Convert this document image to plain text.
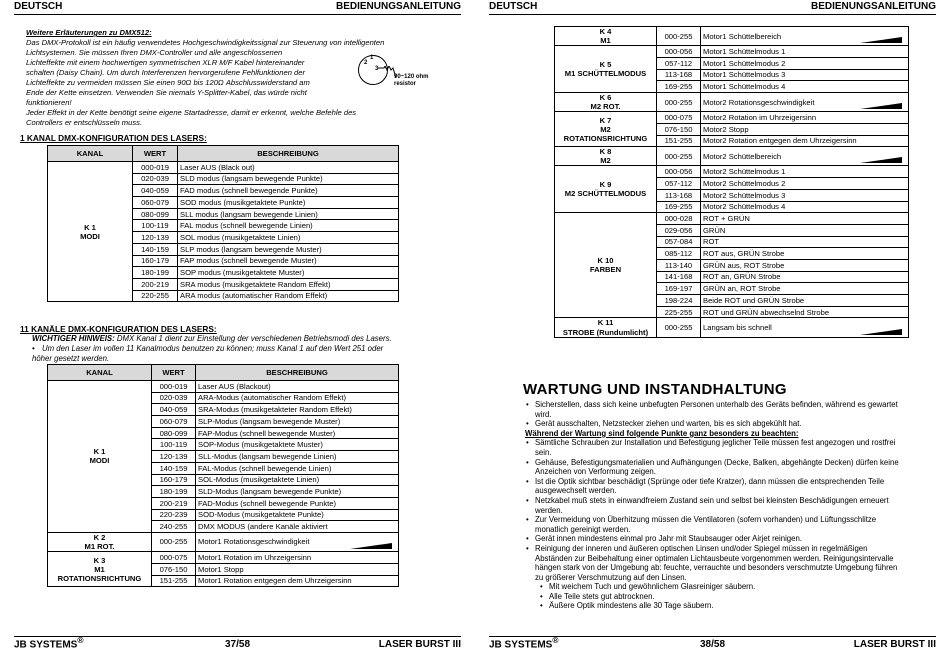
DEUTSCH	BEDIENUNGSANLEITUNG
Weitere Erläuterungen zu DMX512:
Das DMX-Protokoll ist ein häufig verwendetes Hochgeschwindigkeitssignal zur Steuerung von intelligenten
Lichtsystemen. Sie müssen Ihren DMX-Controller und alle angeschlossenen
Lichteffekte mit einem hochwertigen symmetrischen XLR M/F Kabel hintereinander
schalten (Daisy Chain). Um durch Interferenzen hervorgerufene Fehlfunktionen der
Lichteffekte zu vermeiden müssen Sie einen 90Ω bis 120Ω Abschlusswiderstand am
Ende der Kette einsetzen. Verwenden Sie niemals Y-Splitter-Kabel, das würde nicht
funktionieren!
Jeder Effekt in der Kette benötigt seine eigene Startadresse, damit er erkennt, welche Befehle des
Controllers er entschlüsseln muss.
2
1
3
90~120 ohm
resistor
1 KANAL DMX-KONFIGURATION DES LASERS:
KANAL	WERT	BESCHREIBUNG

K 1
MODI	000-019	Laser AUS (Black out)
	020-039	SLD modus (langsam bewegende Punkte)
	040-059	FAD modus (schnell bewegende Punkte)
	060-079	SOD modus (musikgetaktete Punkte)
	080-099	SLL modus (langsam bewegende Linien)
	100-119	FAL modus (schnell bewegende Linien)
	120-139	SOL modus (musikgetaktete Linien)
	140-159	SLP modus (langsam bewegende Muster)
	160-179	FAP modus (schnell bewegende Muster)
	180-199	SOP modus (musikgetaktete Muster)
	200-219	SRA modus (musikgetaktete Random Effekt)
	220-255	ARA modus (automatischer Random Effekt)
11 KANÄLE DMX-KONFIGURATION DES LASERS:
WICHTIGER HINWEIS: DMX Kanal 1 dient zur Einstellung der verschiedenen Betriebsmodi des Lasers.
• Um den Laser im vollen 11 Kanalmodus benutzen zu können; muss Kanal 1 auf den Wert 251 oder
höher gesetzt werden.
KANAL	WERT	BESCHREIBUNG

K 1
MODI	000-019	Laser AUS (Blackout)
	020-039	ARA-Modus (automatischer Random Effekt)
	040-059	SRA-Modus (musikgetakteter Random Effekt)
	060-079	SLP-Modus (langsam bewegende Muster)
	080-099	FAP-Modus (schnell bewegende Muster)
	100-119	SOP-Modus (musikgetaktete Muster)
	120-139	SLL-Modus (langsam bewegende Linien)
	140-159	FAL-Modus (schnell bewegende Linien)
	160-179	SOL-Modus (musikgetaktete Linien)
	180-199	SLD-Modus (langsam bewegende Punkte)
	200-219	FAD-Modus (schnell bewegende Punkte)
	220-239	SOD-Modus (musikgetaktete Punkte)
	240-255	DMX MODUS (andere Kanäle aktiviert

K 2
M1 ROT.	000-255	Motor1 Rotationsgeschwindigkeit

K 3
M1
ROTATIONSRICHTUNG	000-075	Motor1 Rotation im Uhrzeigersinn
	076-150	Motor1 Stopp
	151-255	Motor1 Rotation entgegen dem Uhrzeigersinn
JB SYSTEMS®	37/58	LASER BURST III
DEUTSCH	BEDIENUNGSANLEITUNG
K 4
M1	000-255	Motor1 Schüttelbereich

K 5
M1 SCHÜTTELMODUS	000-056	Motor1 Schüttelmodus 1
	057-112	Motor1 Schüttelmodus 2
	113-168	Motor1 Schüttelmodus 3
	169-255	Motor1 Schüttelmodus 4

K 6
M2 ROT.	000-255	Motor2 Rotationsgeschwindigkeit

K 7
M2
ROTATIONSRICHTUNG	000-075	Motor2 Rotation im Uhrzeigersinn
	076-150	Motor2 Stopp
	151-255	Motor2 Rotation entgegen dem Uhrzeigersinn

K 8
M2	000-255	Motor2 Schüttelbereich

K 9
M2 SCHÜTTELMODUS	000-056	Motor2 Schüttelmodus 1
	057-112	Motor2 Schüttelmodus 2
	113-168	Motor2 Schüttelmodus 3
	169-255	Motor2 Schüttelmodus 4

K 10
FARBEN	000-028	ROT + GRÜN
	029-056	GRÜN
	057-084	ROT
	085-112	ROT aus, GRÜN Strobe
	113-140	GRÜN aus, ROT Strobe
	141-168	ROT an, GRÜN Strobe
	169-197	GRÜN an, ROT Strobe
	198-224	Beide ROT und GRÜN Strobe
	225-255	ROT und GRÜN abwechselnd Strobe

K 11
STROBE (Rundumlicht)	000-255	Langsam bis schnell
WARTUNG UND INSTANDHALTUNG
• Sicherstellen, dass sich keine unbefugten Personen unterhalb des Geräts befinden, während es gewartet
wird.
• Gerät ausschalten, Netzstecker ziehen und warten, bis es sich abgekühlt hat.
Während der Wartung sind folgende Punkte ganz besonders zu beachten:
• Sämtliche Schrauben zur Installation und Befestigung jeglicher Teile müssen fest angezogen und rostfrei
sein.
• Gehäuse, Befestigungsmaterialien und Aufhängungen (Decke, Balken, abgehängte Decken) dürfen keine
Anzeichen von Verformung zeigen.
• Ist die Optik sichtbar beschädigt (Sprünge oder tiefe Kratzer), dann müssen die entsprechenden Teile
ausgewechselt werden.
• Netzkabel muß stets in einwandfreiem Zustand sein und selbst bei kleinsten Beschädigungen erneuert
werden.
• Zur Vermeidung von Überhitzung müssen die Ventilatoren (sofern vorhanden) und Lüftungsschlitze
monatlich gereinigt werden.
• Gerät innen mindestens einmal pro Jahr mit Staubsauger oder Airjet reinigen.
• Reinigung der inneren und äußeren optischen Linsen und/oder Spiegel müssen in regelmäßigen
Abständen zur Beibehaltung einer optimalen Lichtausbeute vorgenommen werden. Reinigungsintervalle
hängen stark von der Umgebung ab: feuchte, verrauchte und besonders verschmutzte Umgebung führen
zu größerer Verschmutzung auf den Linsen.
• Mit weichem Tuch und gewöhnlichem Glasreiniger säubern.
• Alle Teile stets gut abtrocknen.
• Äußere Optik mindestens alle 30 Tage säubern.
JB SYSTEMS®	38/58	LASER BURST III
